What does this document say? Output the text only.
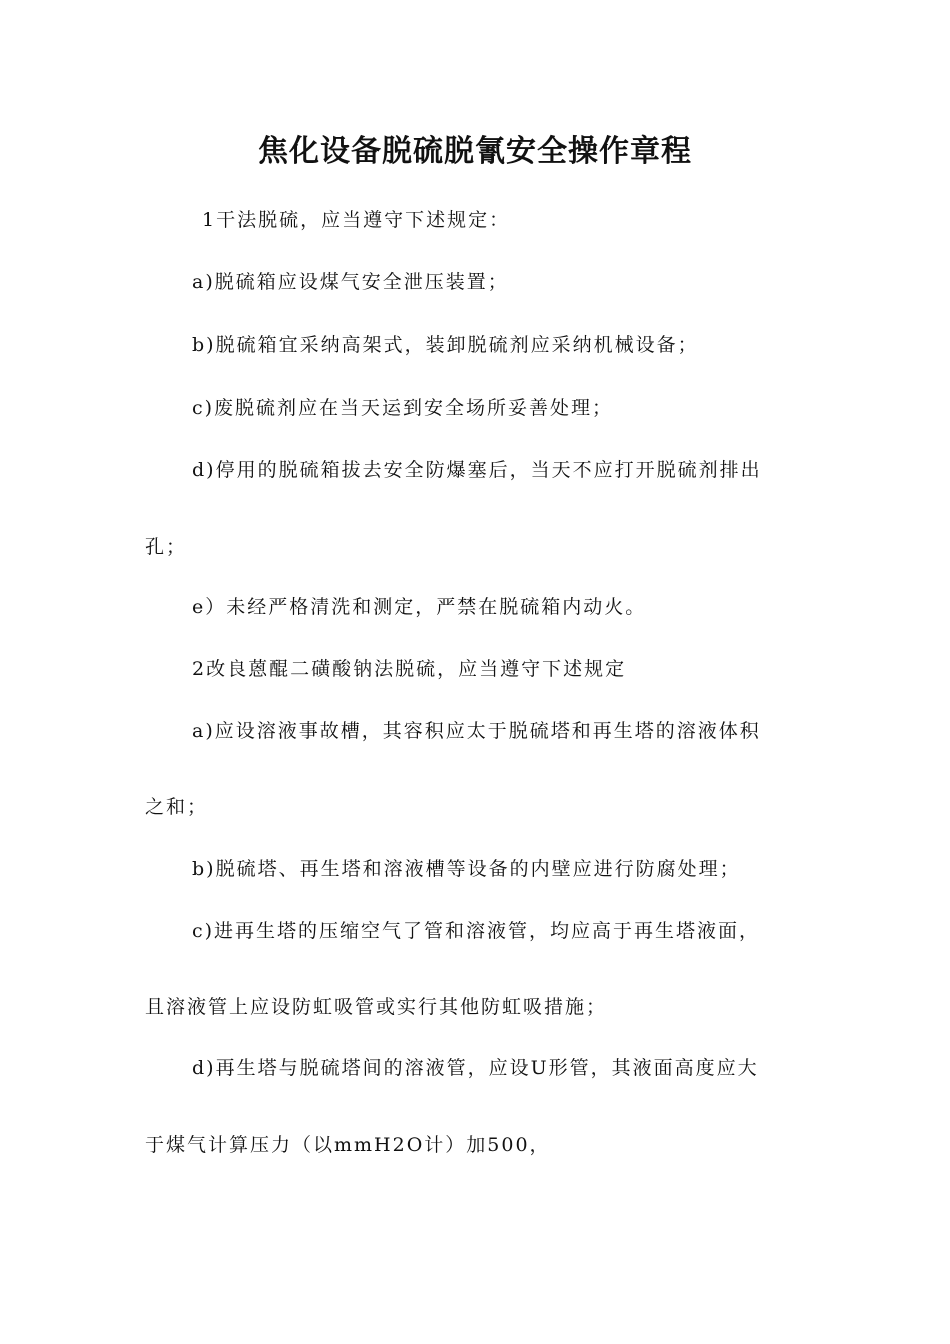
焦化设备脱硫脱氰安全操作章程
1干法脱硫，应当遵守下述规定：
a)脱硫箱应设煤气安全泄压装置；
b)脱硫箱宜采纳高架式，装卸脱硫剂应采纳机械设备；
c)废脱硫剂应在当天运到安全场所妥善处理；
d)停用的脱硫箱拔去安全防爆塞后，当天不应打开脱硫剂排出
孔；
e）未经严格清洗和测定，严禁在脱硫箱内动火。
2改良蒽醌二磺酸钠法脱硫，应当遵守下述规定
a)应设溶液事故槽，其容积应太于脱硫塔和再生塔的溶液体积
之和；
b)脱硫塔、再生塔和溶液槽等设备的内壁应进行防腐处理；
c)进再生塔的压缩空气了管和溶液管，均应高于再生塔液面，
且溶液管上应设防虹吸管或实行其他防虹吸措施；
d)再生塔与脱硫塔间的溶液管，应设U形管，其液面高度应大
于煤气计算压力（以mmH2O计）加500，
